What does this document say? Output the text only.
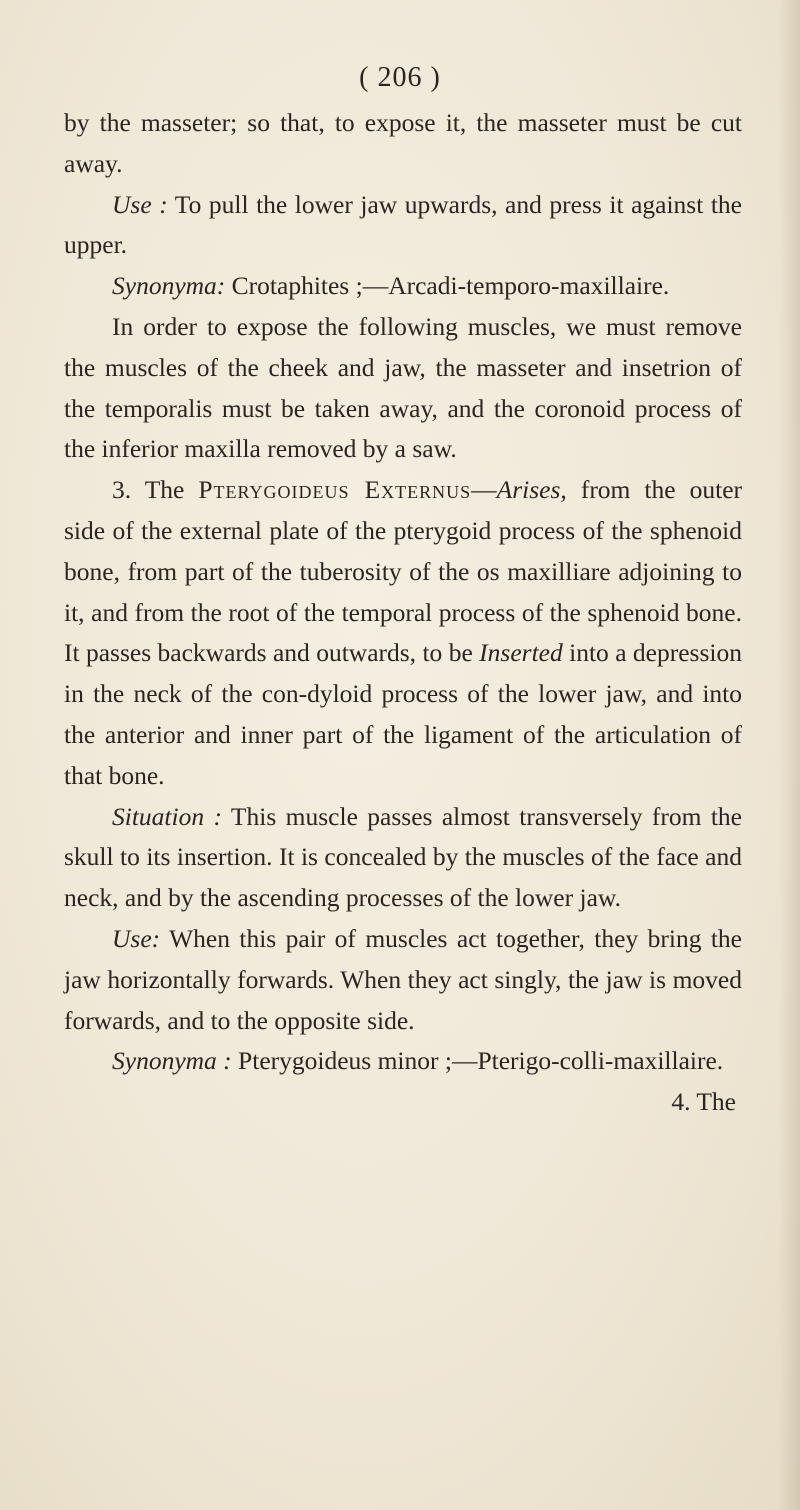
( 206 )

by the masseter; so that, to expose it, the masseter must be cut away.

Use : To pull the lower jaw upwards, and press it against the upper.

Synonyma: Crotaphites ;—Arcadi-temporo-maxillaire.

In order to expose the following muscles, we must remove the muscles of the cheek and jaw, the masseter and insetrion of the temporalis must be taken away, and the coronoid process of the inferior maxilla removed by a saw.

3. The Pterygoideus Externus—Arises, from the outer side of the external plate of the pterygoid process of the sphenoid bone, from part of the tuberosity of the os maxilliare adjoining to it, and from the root of the temporal process of the sphenoid bone. It passes backwards and outwards, to be Inserted into a depression in the neck of the con-dyloid process of the lower jaw, and into the anterior and inner part of the ligament of the articulation of that bone.

Situation : This muscle passes almost transversely from the skull to its insertion. It is concealed by the muscles of the face and neck, and by the ascending processes of the lower jaw.

Use: When this pair of muscles act together, they bring the jaw horizontally forwards. When they act singly, the jaw is moved forwards, and to the opposite side.

Synonyma : Pterygoideus minor ;—Pterigo-colli-maxillaire.

4. The
